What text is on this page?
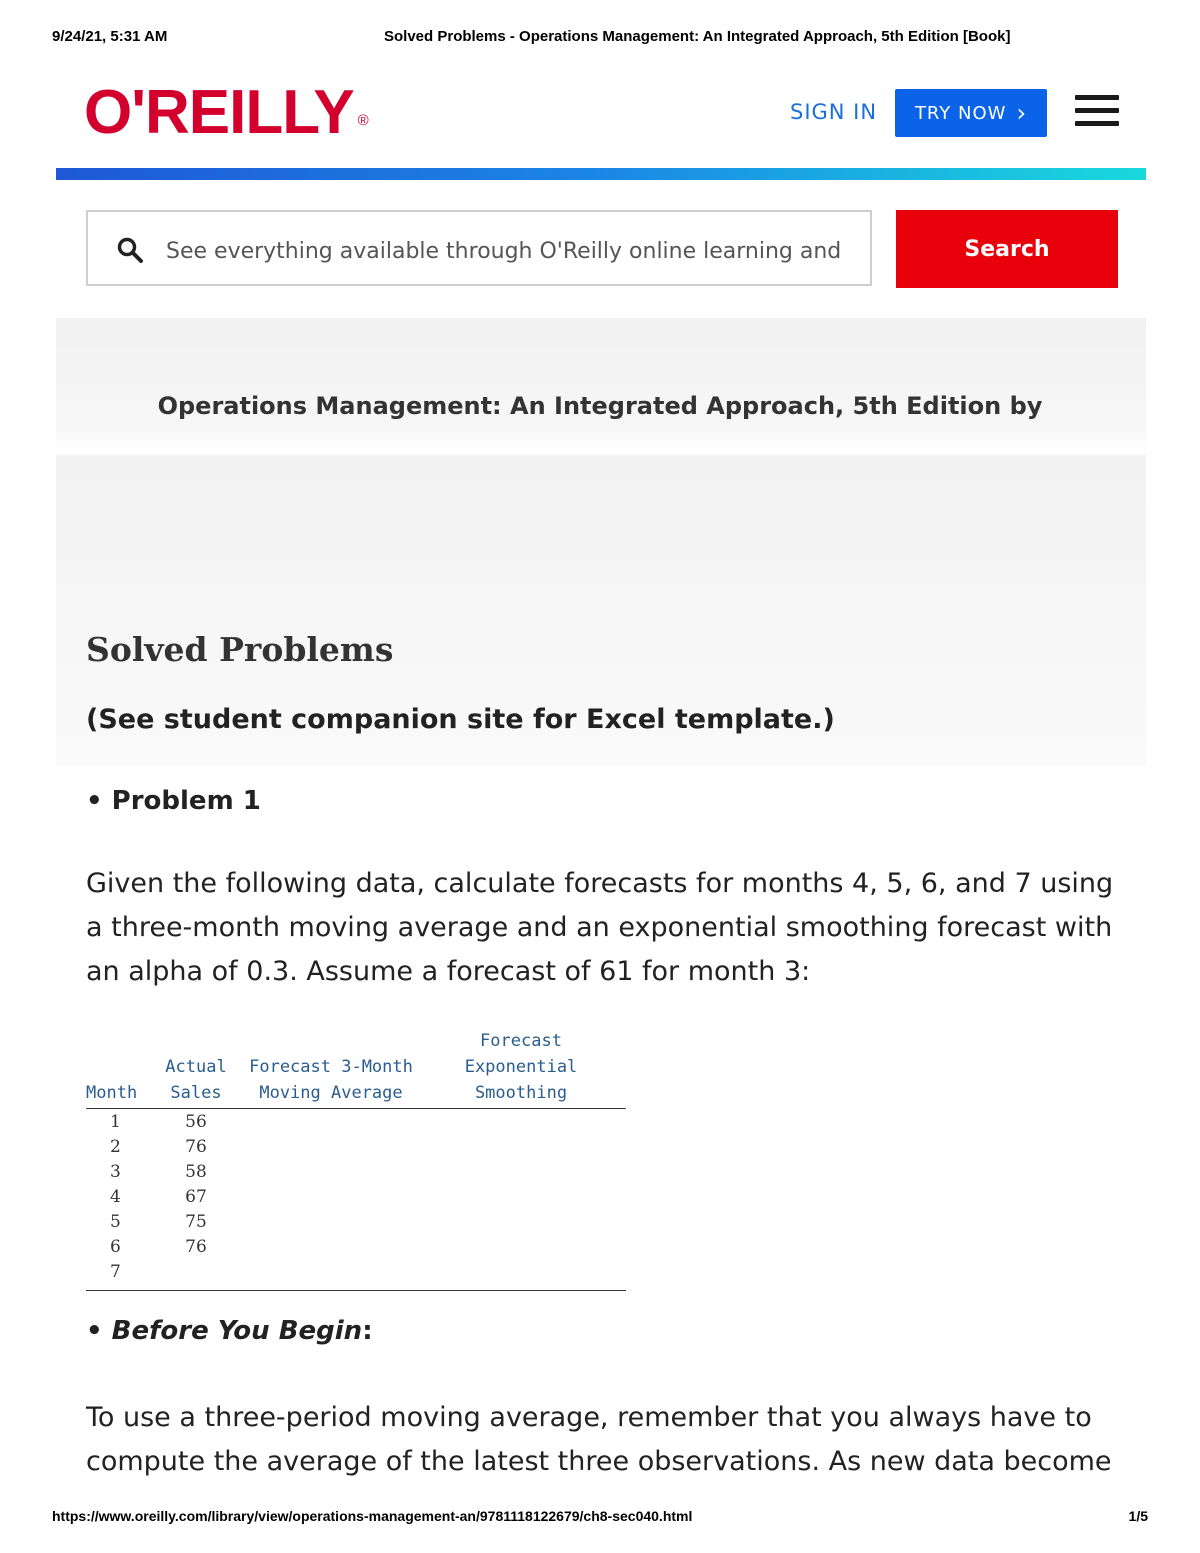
9/24/21, 5:31 AM	Solved Problems - Operations Management: An Integrated Approach, 5th Edition [Book]
O'REILLY ®	SIGN IN TRY NOW ›
See everything available through O'Reilly online learning and st
Search
Operations Management: An Integrated Approach, 5th Edition by
Solved Problems
(See student companion site for Excel template.)
• Problem 1
Given the following data, calculate forecasts for months 4, 5, 6, and 7 using a three-month moving average and an exponential smoothing forecast with an alpha of 0.3. Assume a forecast of 61 for month 3:
Month	Actual Sales	Forecast 3-Month Moving Average	Forecast Exponential Smoothing
1	56		
2	76		
3	58		
4	67		
5	75		
6	76		
7			
• Before You Begin:
To use a three-period moving average, remember that you always have to compute the average of the latest three observations. As new data become
https://www.oreilly.com/library/view/operations-management-an/9781118122679/ch8-sec040.html	1/5
